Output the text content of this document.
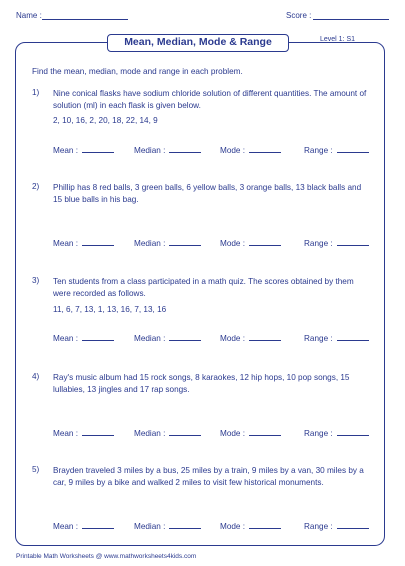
Name :	Score :
Mean, Median, Mode & Range	Level 1: S1
Find the mean, median, mode and range in each problem.
1)	Nine conical flasks have sodium chloride solution of different quantities. The amount of solution (ml) in each flask is given below.
2, 10, 16, 2, 20, 18, 22, 14, 9
Mean :	Median :	Mode :	Range :
2)	Phillip has 8 red balls, 3 green balls, 6 yellow balls, 3 orange balls, 13 black balls and 15 blue balls in his bag.
Mean :	Median :	Mode :	Range :
3)	Ten students from a class participated in a math quiz. The scores obtained by them were recorded as follows.
11, 6, 7, 13, 1, 13, 16, 7, 13, 16
Mean :	Median :	Mode :	Range :
4)	Ray's music album had 15 rock songs, 8 karaokes, 12 hip hops, 10 pop songs, 15 lullabies, 13 jingles and 17 rap songs.
Mean :	Median :	Mode :	Range :
5)	Brayden traveled 3 miles by a bus, 25 miles by a train, 9 miles by a van, 30 miles by a car, 9 miles by a bike and walked 2 miles to visit few historical monuments.
Mean :	Median :	Mode :	Range :
Printable Math Worksheets @ www.mathworksheets4kids.com
